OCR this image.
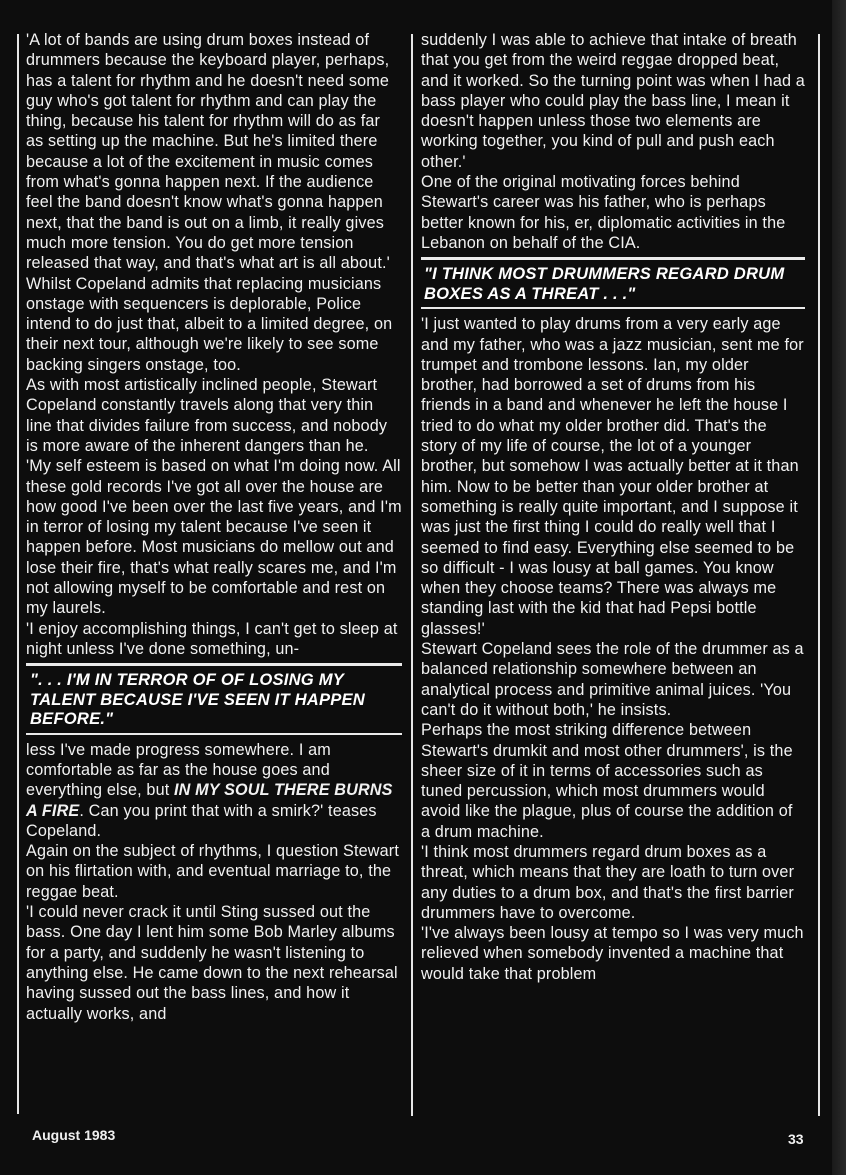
'A lot of bands are using drum boxes instead of drummers because the keyboard player, perhaps, has a talent for rhythm and he doesn't need some guy who's got talent for rhythm and can play the thing, because his talent for rhythm will do as far as setting up the machine. But he's limited there because a lot of the excitement in music comes from what's gonna happen next. If the audience feel the band doesn't know what's gonna happen next, that the band is out on a limb, it really gives much more tension. You do get more tension released that way, and that's what art is all about.'

Whilst Copeland admits that replacing musicians onstage with sequencers is deplorable, Police intend to do just that, albeit to a limited degree, on their next tour, although we're likely to see some backing singers onstage, too.

As with most artistically inclined people, Stewart Copeland constantly travels along that very thin line that divides failure from success, and nobody is more aware of the inherent dangers than he.

'My self esteem is based on what I'm doing now. All these gold records I've got all over the house are how good I've been over the last five years, and I'm in terror of losing my talent because I've seen it happen before. Most musicians do mellow out and lose their fire, that's what really scares me, and I'm not allowing myself to be comfortable and rest on my laurels.

'I enjoy accomplishing things, I can't get to sleep at night unless I've done something, un-

". . . I'M IN TERROR OF OF LOSING MY TALENT BECAUSE I'VE SEEN IT HAPPEN BEFORE."

less I've made progress somewhere. I am comfortable as far as the house goes and everything else, but IN MY SOUL THERE BURNS A FIRE. Can you print that with a smirk?' teases Copeland.

Again on the subject of rhythms, I question Stewart on his flirtation with, and eventual marriage to, the reggae beat.

'I could never crack it until Sting sussed out the bass. One day I lent him some Bob Marley albums for a party, and suddenly he wasn't listening to anything else. He came down to the next rehearsal having sussed out the bass lines, and how it actually works, and

suddenly I was able to achieve that intake of breath that you get from the weird reggae dropped beat, and it worked. So the turning point was when I had a bass player who could play the bass line, I mean it doesn't happen unless those two elements are working together, you kind of pull and push each other.'

One of the original motivating forces behind Stewart's career was his father, who is perhaps better known for his, er, diplomatic activities in the Lebanon on behalf of the CIA.

"I THINK MOST DRUMMERS REGARD DRUM BOXES AS A THREAT . . ."

'I just wanted to play drums from a very early age and my father, who was a jazz musician, sent me for trumpet and trombone lessons. Ian, my older brother, had borrowed a set of drums from his friends in a band and whenever he left the house I tried to do what my older brother did. That's the story of my life of course, the lot of a younger brother, but somehow I was actually better at it than him. Now to be better than your older brother at something is really quite important, and I suppose it was just the first thing I could do really well that I seemed to find easy. Everything else seemed to be so difficult - I was lousy at ball games. You know when they choose teams? There was always me standing last with the kid that had Pepsi bottle glasses!'

Stewart Copeland sees the role of the drummer as a balanced relationship somewhere between an analytical process and primitive animal juices. 'You can't do it without both,' he insists.

Perhaps the most striking difference between Stewart's drumkit and most other drummers', is the sheer size of it in terms of accessories such as tuned percussion, which most drummers would avoid like the plague, plus of course the addition of a drum machine.

'I think most drummers regard drum boxes as a threat, which means that they are loath to turn over any duties to a drum box, and that's the first barrier drummers have to overcome.

'I've always been lousy at tempo so I was very much relieved when somebody invented a machine that would take that problem

August 1983	33
